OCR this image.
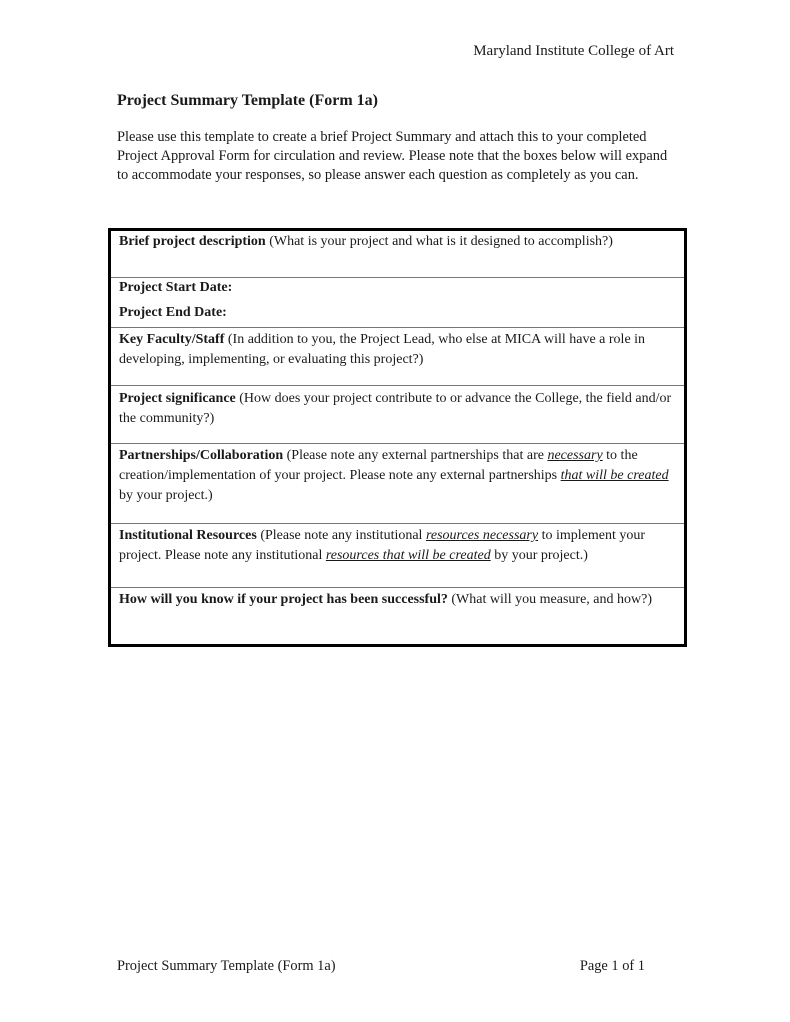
Maryland Institute College of Art
Project Summary Template (Form 1a)

Please use this template to create a brief Project Summary and attach this to your completed Project Approval Form for circulation and review. Please note that the boxes below will expand to accommodate your responses, so please answer each question as completely as you can.

Brief project description (What is your project and what is it designed to accomplish?)
Project Start Date:
Project End Date:
Key Faculty/Staff (In addition to you, the Project Lead, who else at MICA will have a role in developing, implementing, or evaluating this project?)
Project significance (How does your project contribute to or advance the College, the field and/or the community?)
Partnerships/Collaboration (Please note any external partnerships that are necessary to the creation/implementation of your project. Please note any external partnerships that will be created by your project.)
Institutional Resources (Please note any institutional resources necessary to implement your project. Please note any institutional resources that will be created by your project.)
How will you know if your project has been successful? (What will you measure, and how?)
Project Summary Template (Form 1a)	Page 1 of 1
